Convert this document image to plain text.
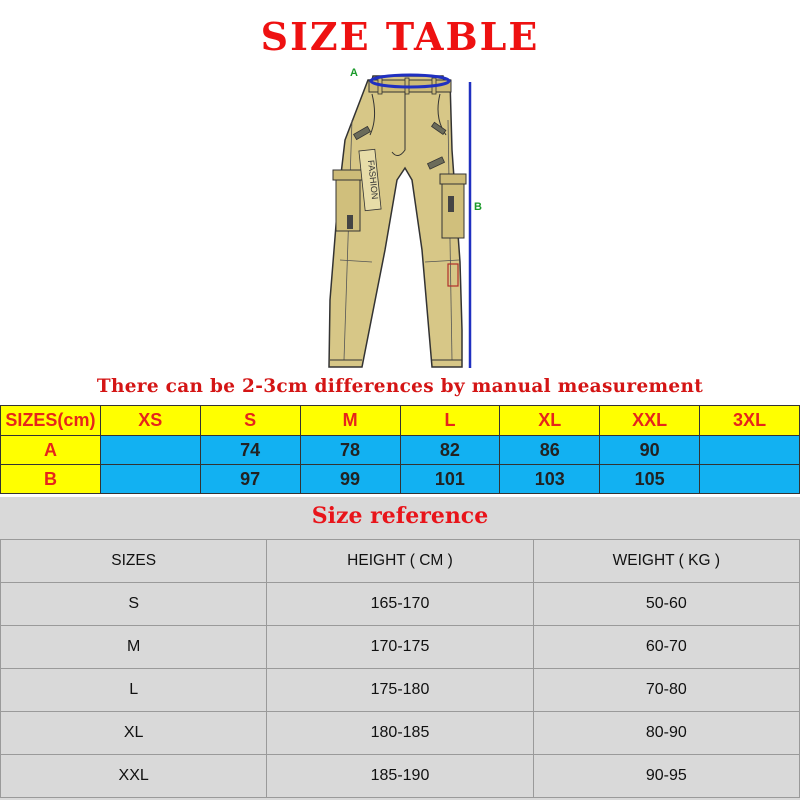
SIZE TABLE
FASHION
A
B

There can be 2-3cm differences by manual measurement

SIZES(cm)	XS	S	M	L	XL	XXL	3XL
A		74	78	82	86	90	
B		97	99	101	103	105	
Size reference
SIZES	HEIGHT ( CM )	WEIGHT ( KG )
S	165-170	50-60
M	170-175	60-70
L	175-180	70-80
XL	180-185	80-90
XXL	185-190	90-95
